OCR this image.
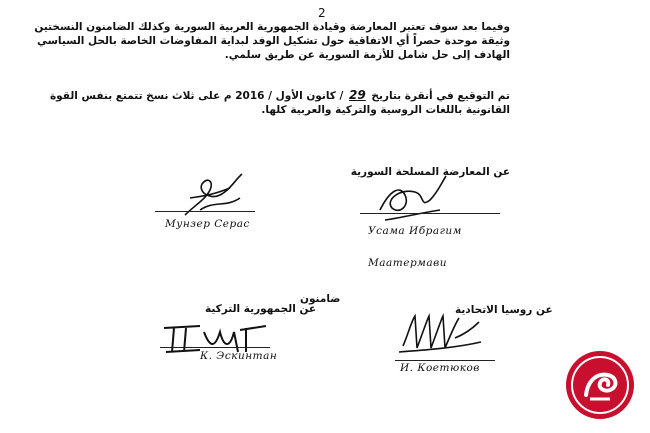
2
وفيما بعد سوف تعتبر المعارضة وقيادة الجمهورية العربية السورية وكذلك الضامنون النسختين وثيقة موحدة حصراً أي الاتفاقية حول تشكيل الوفد لبداية المفاوضات الخاصة بالحل السياسي الهادف إلى حل شامل للأزمة السورية عن طريق سلمي.
تم التوقيع في أنقرة بتاريخ 29 / كانون الأول / 2016 م على ثلاث نسخ تتمتع بنفس القوة القانونية باللغات الروسية والتركية والعربية كلها.
عن المعارضة المسلحة السورية
Мунзер Серас
Усама Ибрагим
Маатермави
ضامنون
عن الجمهورية التركية	عن روسيا الاتحادية
К. Эскинтан
И. Коетюков
